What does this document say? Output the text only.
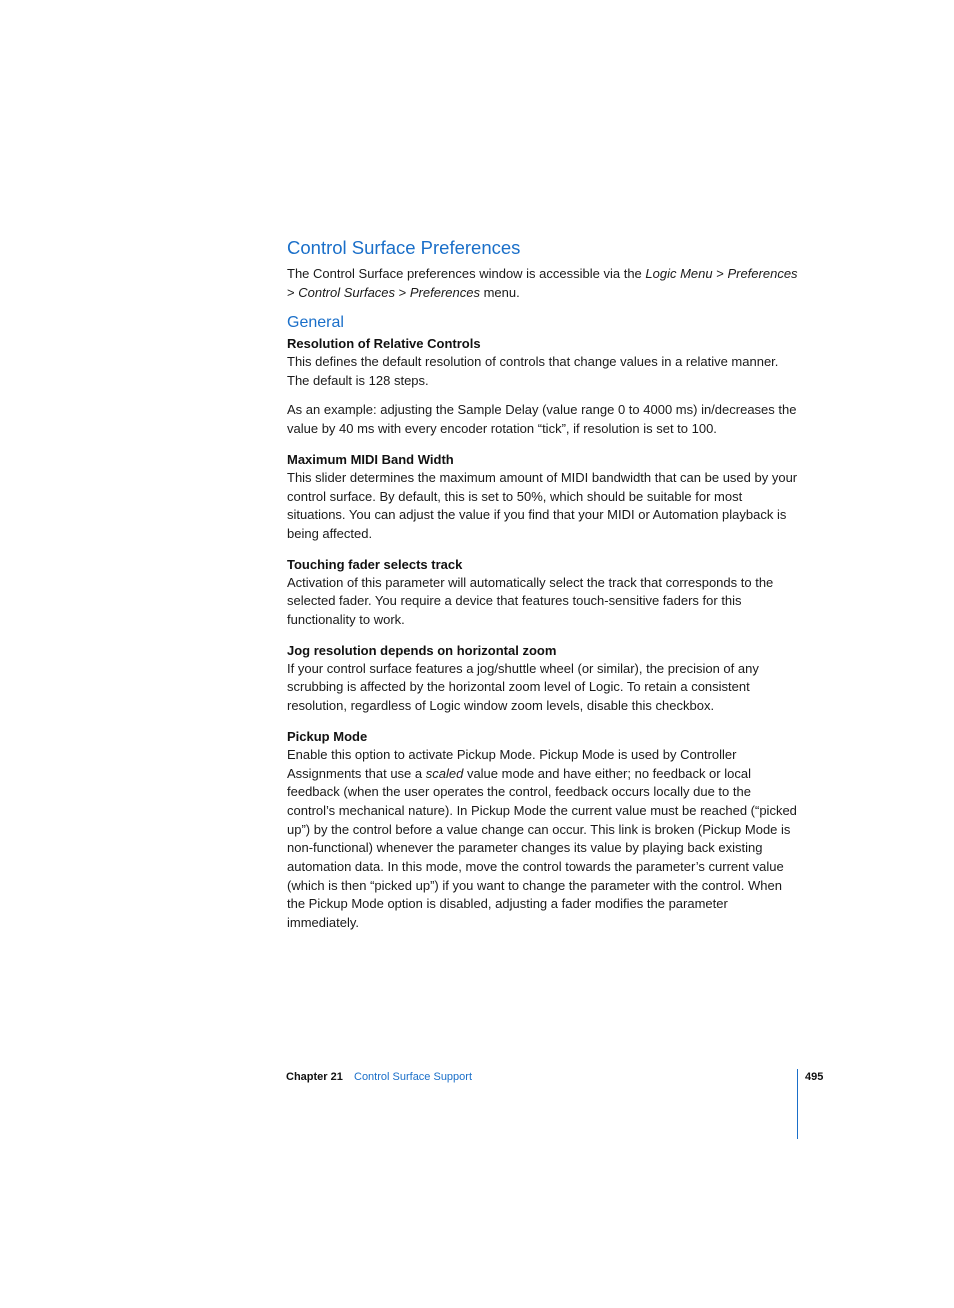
Control Surface Preferences

The Control Surface preferences window is accessible via the Logic Menu > Preferences > Control Surfaces > Preferences menu.

General
Resolution of Relative Controls

This defines the default resolution of controls that change values in a relative manner. The default is 128 steps.

As an example: adjusting the Sample Delay (value range 0 to 4000 ms) in/decreases the value by 40 ms with every encoder rotation “tick”, if resolution is set to 100.

Maximum MIDI Band Width

This slider determines the maximum amount of MIDI bandwidth that can be used by your control surface. By default, this is set to 50%, which should be suitable for most situations. You can adjust the value if you find that your MIDI or Automation playback is being affected.

Touching fader selects track

Activation of this parameter will automatically select the track that corresponds to the selected fader. You require a device that features touch-sensitive faders for this functionality to work.

Jog resolution depends on horizontal zoom

If your control surface features a jog/shuttle wheel (or similar), the precision of any scrubbing is affected by the horizontal zoom level of Logic. To retain a consistent resolution, regardless of Logic window zoom levels, disable this checkbox.

Pickup Mode

Enable this option to activate Pickup Mode. Pickup Mode is used by Controller Assignments that use a scaled value mode and have either; no feedback or local feedback (when the user operates the control, feedback occurs locally due to the control’s mechanical nature). In Pickup Mode the current value must be reached (“picked up”) by the control before a value change can occur. This link is broken (Pickup Mode is non-functional) whenever the parameter changes its value by playing back existing automation data. In this mode, move the control towards the parameter’s current value (which is then “picked up”) if you want to change the parameter with the control. When the Pickup Mode option is disabled, adjusting a fader modifies the parameter immediately.

Chapter 21 Control Surface Support	495
